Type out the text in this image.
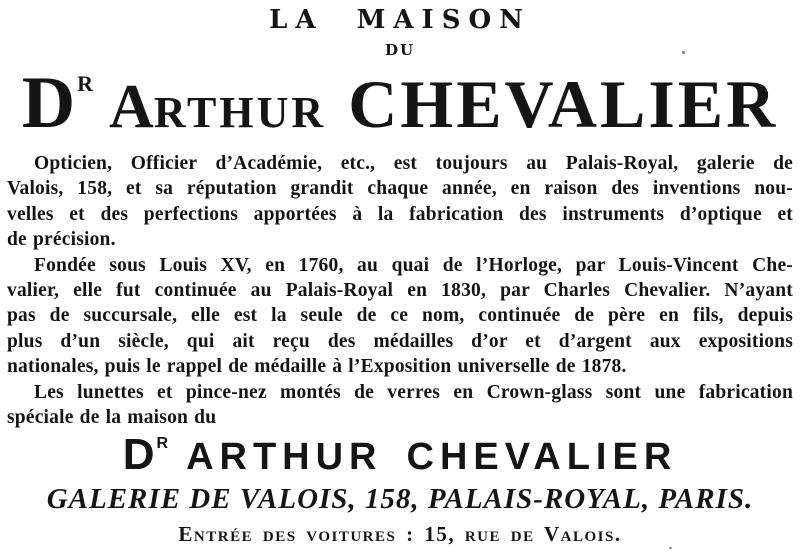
LA MAISON
DU
$D^R$ ARTHUR CHEVALIER
Opticien, Officier d’Académie, etc., est toujours au Palais-Royal, galerie de
Valois, 158, et sa réputation grandit chaque année, en raison des inventions nou-
velles et des perfections apportées à la fabrication des instruments d’optique et
de précision.
Fondée sous Louis XV, en 1760, au quai de l’Horloge, par Louis-Vincent Che-
valier, elle fut continuée au Palais-Royal en 1830, par Charles Chevalier. N’ayant
pas de succursale, elle est la seule de ce nom, continuée de père en fils, depuis
plus d’un siècle, qui ait reçu des médailles d’or et d’argent aux expositions
nationales, puis le rappel de médaille à l’Exposition universelle de 1878.
Les lunettes et pince-nez montés de verres en Crown-glass sont une fabrication
spéciale de la maison du
D R ARTHUR CHEVALIER
GALERIE DE VALOIS, 158, PALAIS-ROYAL, PARIS.
Entrée des voitures : 15, rue de Valois.
